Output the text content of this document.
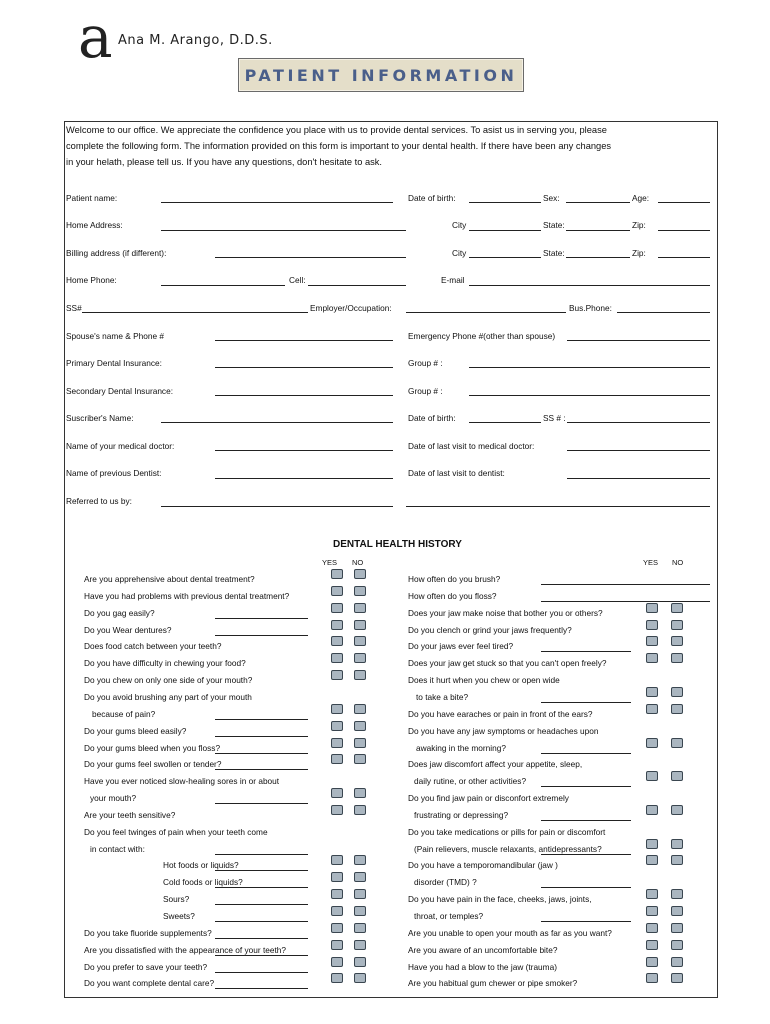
a Ana M. Arango, D.D.S.
PATIENT INFORMATION
Welcome to our office. We appreciate the confidence you place with us to provide dental services. To asist us in serving you, please
complete the following form. The information provided on this form is important to your dental health. If there have been any changes
in your helath, please tell us. If you have any questions, don't hesitate to ask.
Patient name:	Date of birth:	Sex:	Age:
Home Address:	City	State:	Zip:
Billing address (if different):	City	State:	Zip:
Home Phone:	Cell:	E-mail
SS#	Employer/Occupation:	Bus.Phone:
Spouse's name & Phone #	Emergency Phone #(other than spouse)
Primary Dental Insurance:	Group # :
Secondary Dental Insurance:	Group # :
Suscriber's Name:	Date of birth:	SS # :
Name of your medical doctor:	Date of last visit to medical doctor:
Name of previous Dentist:	Date of last visit to dentist:
Referred to us by:
DENTAL HEALTH HISTORY
YES NO	YES NO
Are you apprehensive about dental treatment?
Have you had problems with previous dental treatment?
Do you gag easily?
Do you Wear dentures?
Does food catch between your teeth?
Do you have difficulty in chewing your food?
Do you chew on only one side of your mouth?
Do you avoid brushing any part of your mouth
because of pain?
Do your gums bleed easily?
Do your gums bleed when you floss?
Do your gums feel swollen or tender?
Have you ever noticed slow-healing sores in or about
your mouth?
Are your teeth sensitive?
Do you feel twinges of pain when your teeth come
in contact with:
Hot foods or liquids?
Cold foods or liquids?
Sours?
Sweets?
Do you take fluoride supplements?
Are you dissatisfied with the appearance of your teeth?
Do you prefer to save your teeth?
Do you want complete dental care?
How often do you brush?
How often do you floss?
Does your jaw make noise that bother you or others?
Do you clench or grind your jaws frequently?
Do your jaws ever feel tired?
Does your jaw get stuck so that you can't open freely?
Does it hurt when you chew or open wide
to take a bite?
Do you have earaches or pain in front of the ears?
Do you have any jaw symptoms or headaches upon
awaking in the morning?
Does jaw discomfort affect your appetite, sleep,
daily rutine, or other activities?
Do you find jaw pain or disconfort extremely
frustrating or depressing?
Do you take medications or pills for pain or discomfort
(Pain relievers, muscle relaxants, antidepressants?
Do you have a temporomandibular (jaw )
disorder (TMD) ?
Do you have pain in the face, cheeks, jaws, joints,
throat, or temples?
Are you unable to open your mouth as far as you want?
Are you aware of an uncomfortable bite?
Have you had a blow to the jaw (trauma)
Are you habitual gum chewer or pipe smoker?
